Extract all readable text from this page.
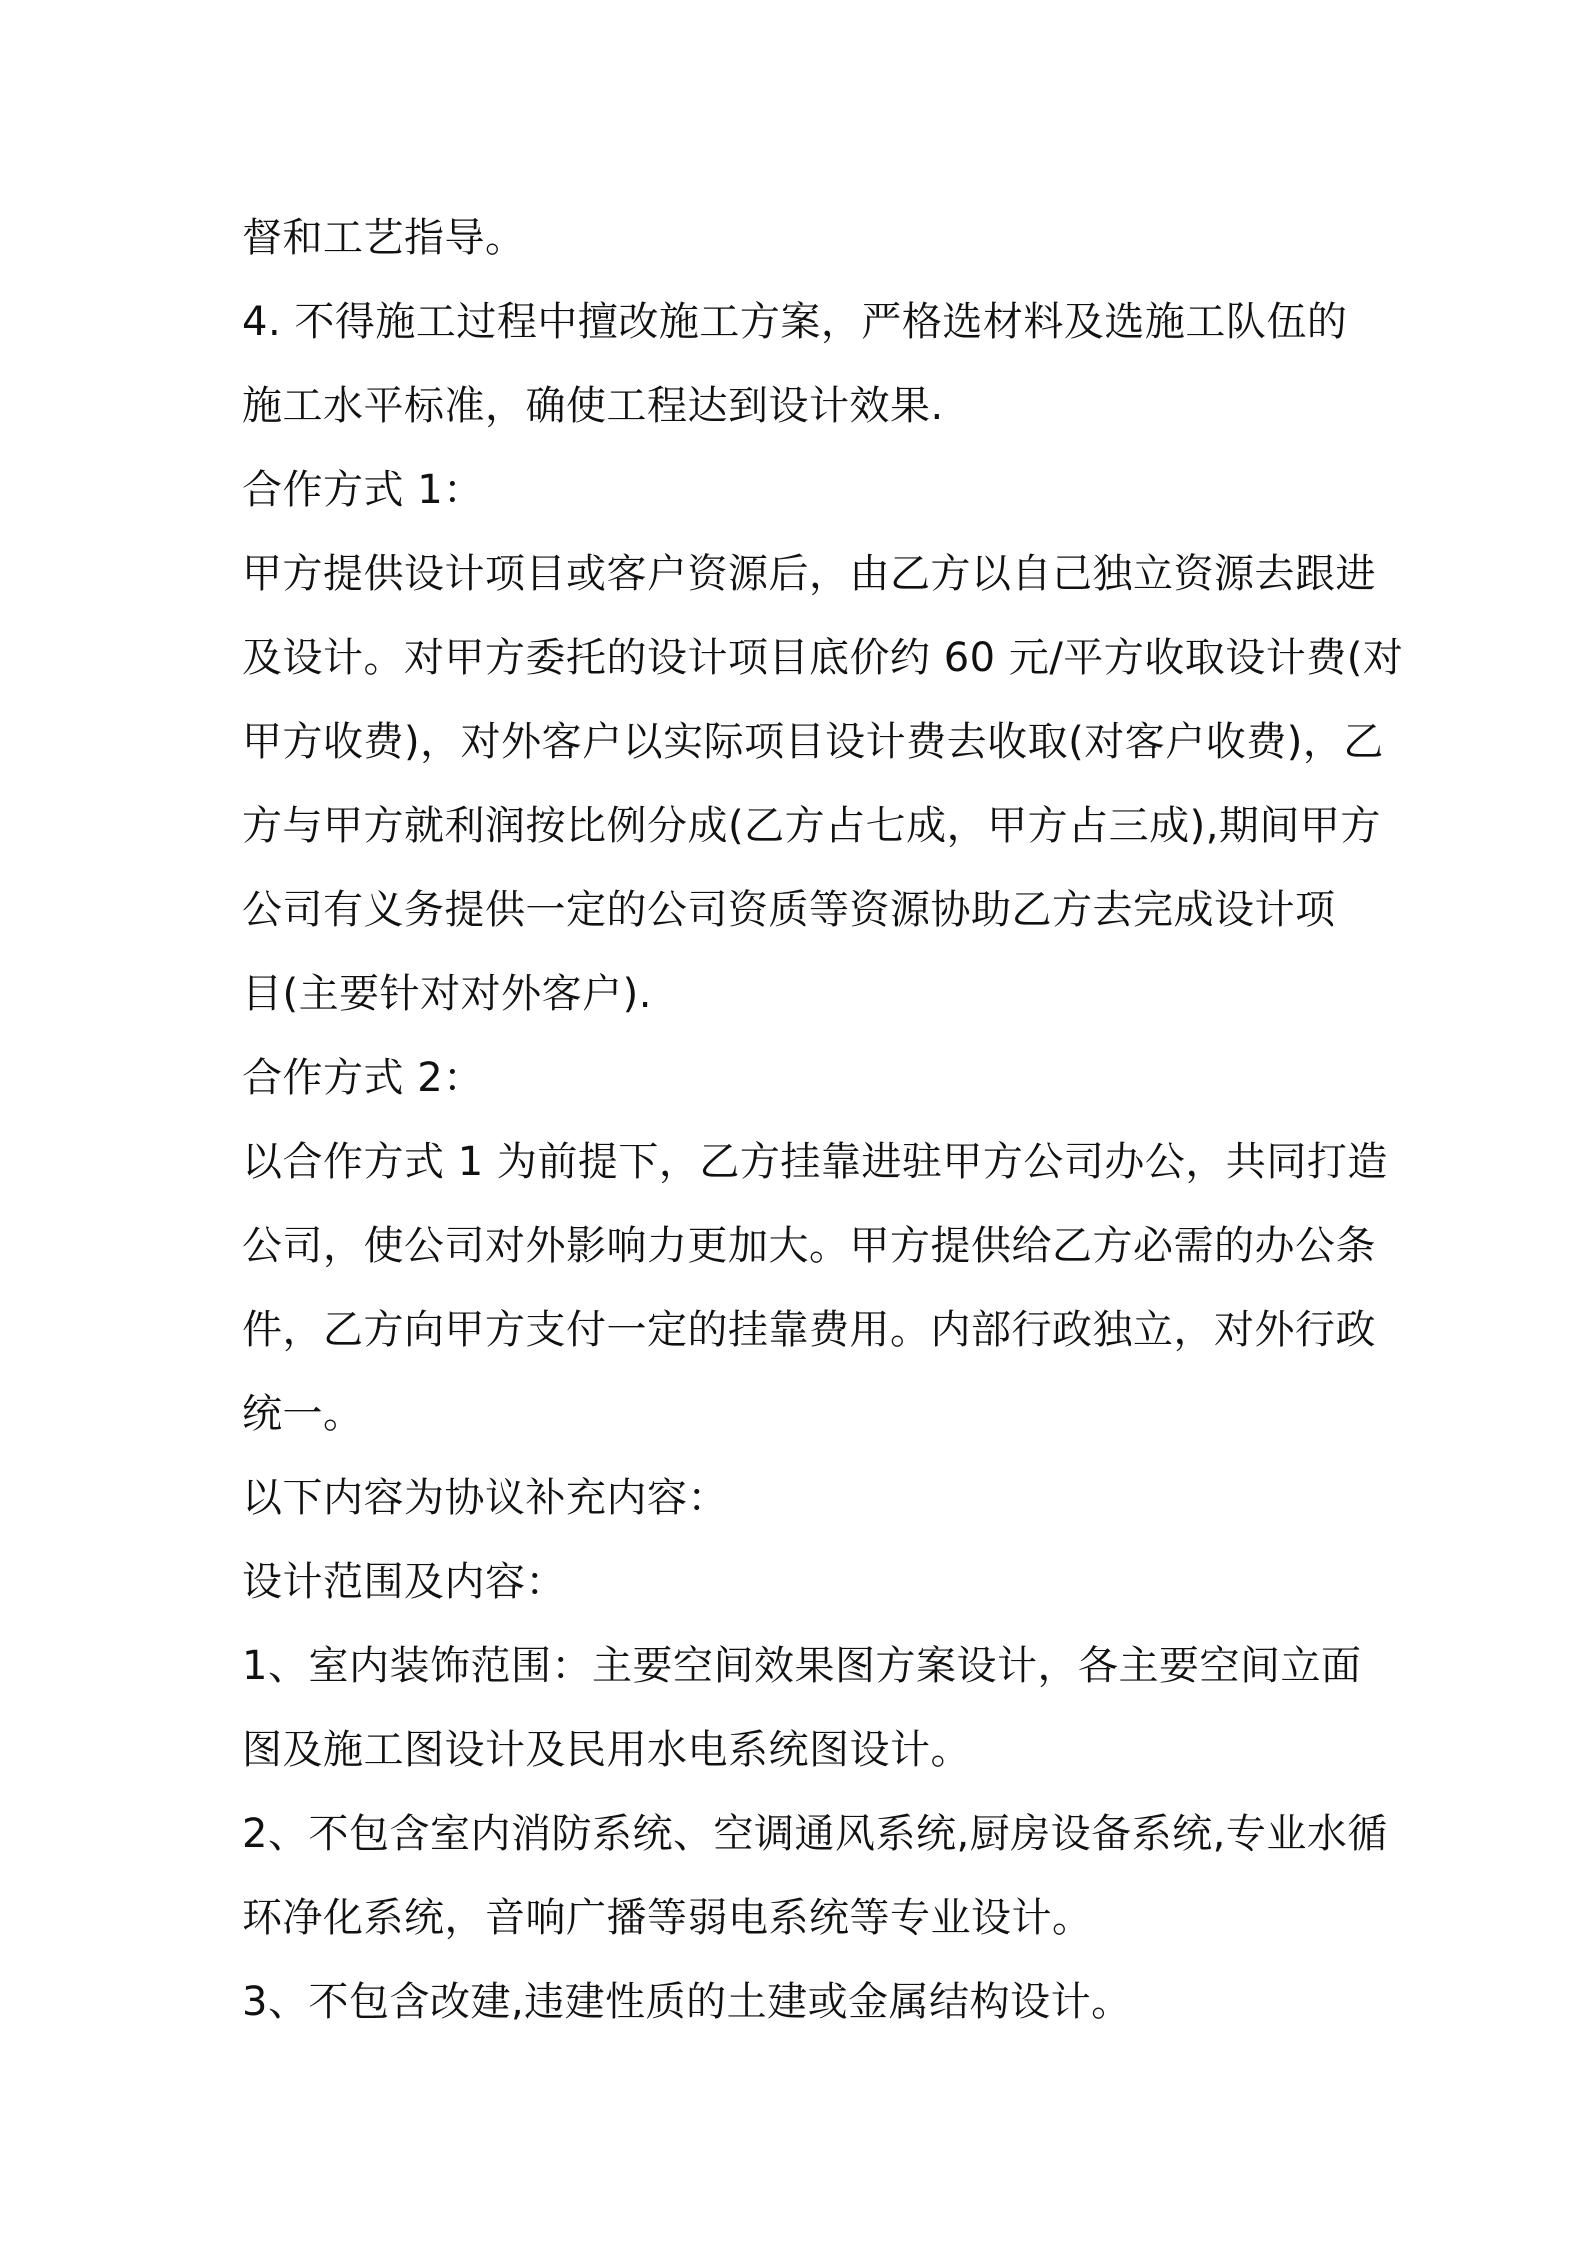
督和工艺指导。
4. 不得施工过程中擅改施工方案，严格选材料及选施工队伍的
施工水平标准，确使工程达到设计效果.
合作方式 1：
甲方提供设计项目或客户资源后，由乙方以自己独立资源去跟进
及设计。对甲方委托的设计项目底价约 60 元/平方收取设计费(对
甲方收费)，对外客户以实际项目设计费去收取(对客户收费)，乙
方与甲方就利润按比例分成(乙方占七成，甲方占三成),期间甲方
公司有义务提供一定的公司资质等资源协助乙方去完成设计项
目(主要针对对外客户).
合作方式 2：
以合作方式 1 为前提下，乙方挂靠进驻甲方公司办公，共同打造
公司，使公司对外影响力更加大。甲方提供给乙方必需的办公条
件，乙方向甲方支付一定的挂靠费用。内部行政独立，对外行政
统一。
以下内容为协议补充内容：
设计范围及内容：
1、室内装饰范围：主要空间效果图方案设计，各主要空间立面
图及施工图设计及民用水电系统图设计。
2、不包含室内消防系统、空调通风系统,厨房设备系统,专业水循
环净化系统，音响广播等弱电系统等专业设计。
3、不包含改建,违建性质的土建或金属结构设计。
